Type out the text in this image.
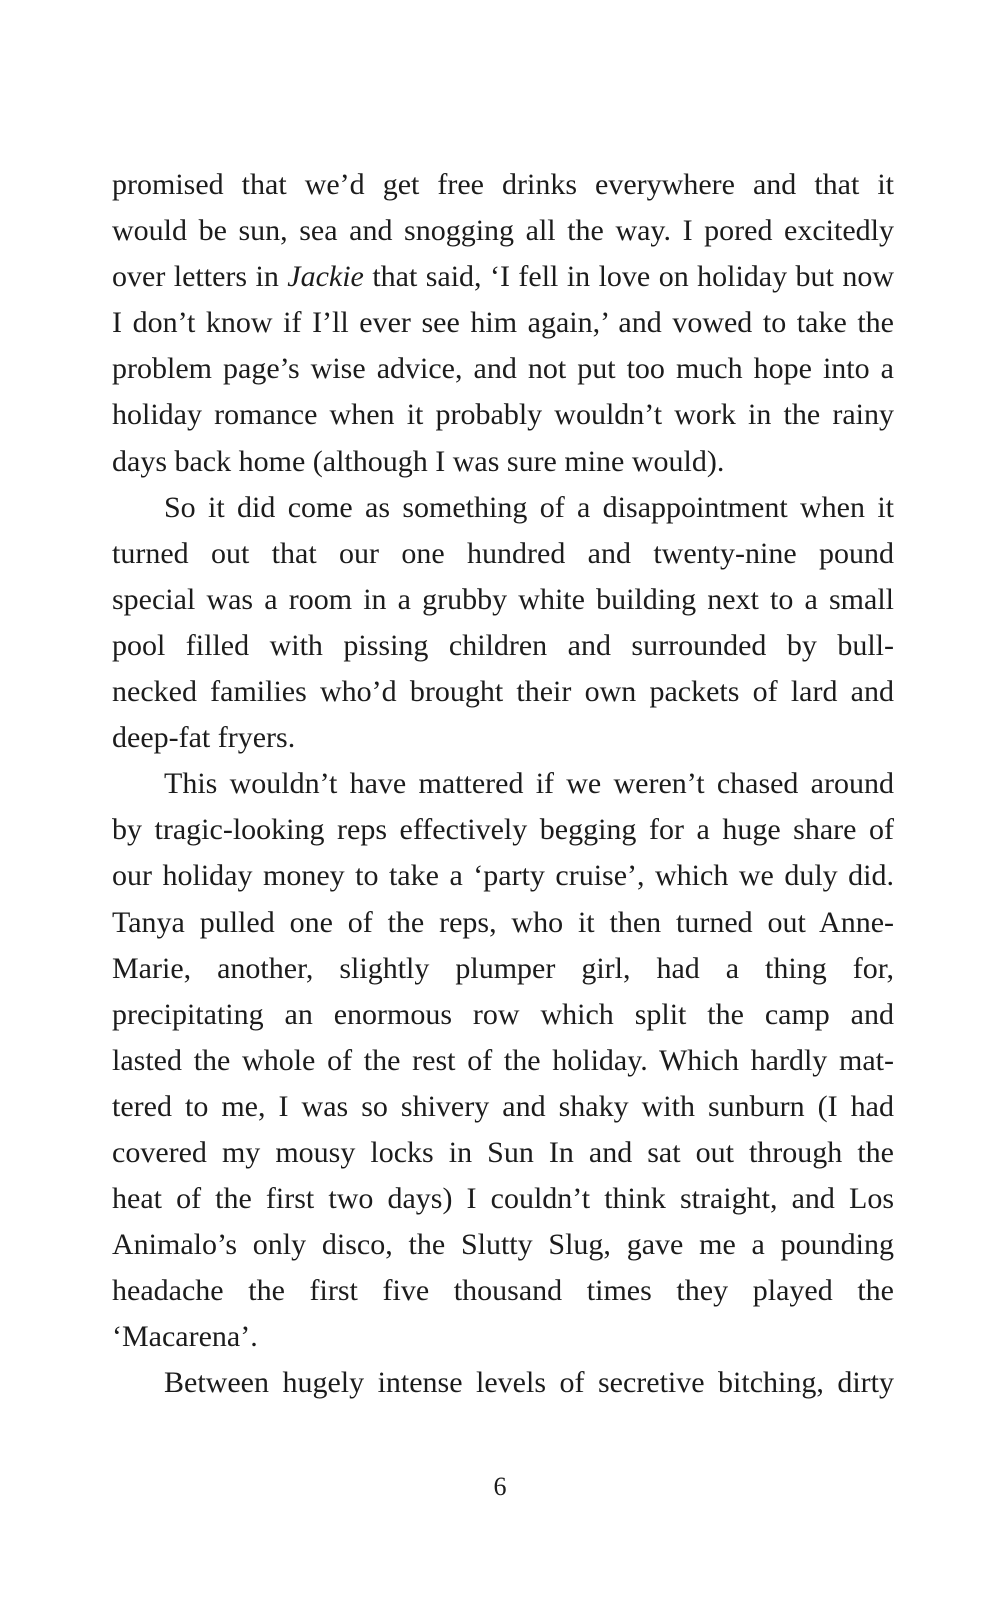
promised that we’d get free drinks everywhere and that it
would be sun, sea and snogging all the way. I pored excitedly
over letters in Jackie that said, ‘I fell in love on holiday but now
I don’t know if I’ll ever see him again,’ and vowed to take the
problem page’s wise advice, and not put too much hope into a
holiday romance when it probably wouldn’t work in the rainy
days back home (although I was sure mine would).

So it did come as something of a disappointment when it
turned out that our one hundred and twenty-nine pound
special was a room in a grubby white building next to a small
pool filled with pissing children and surrounded by bull-
necked families who’d brought their own packets of lard and
deep-fat fryers.

This wouldn’t have mattered if we weren’t chased around
by tragic-looking reps effectively begging for a huge share of
our holiday money to take a ‘party cruise’, which we duly did.
Tanya pulled one of the reps, who it then turned out Anne-
Marie, another, slightly plumper girl, had a thing for,
precipitating an enormous row which split the camp and
lasted the whole of the rest of the holiday. Which hardly mat-
tered to me, I was so shivery and shaky with sunburn (I had
covered my mousy locks in Sun In and sat out through the
heat of the first two days) I couldn’t think straight, and Los
Animalo’s only disco, the Slutty Slug, gave me a pounding
headache the first five thousand times they played the
‘Macarena’.

Between hugely intense levels of secretive bitching, dirty

6
